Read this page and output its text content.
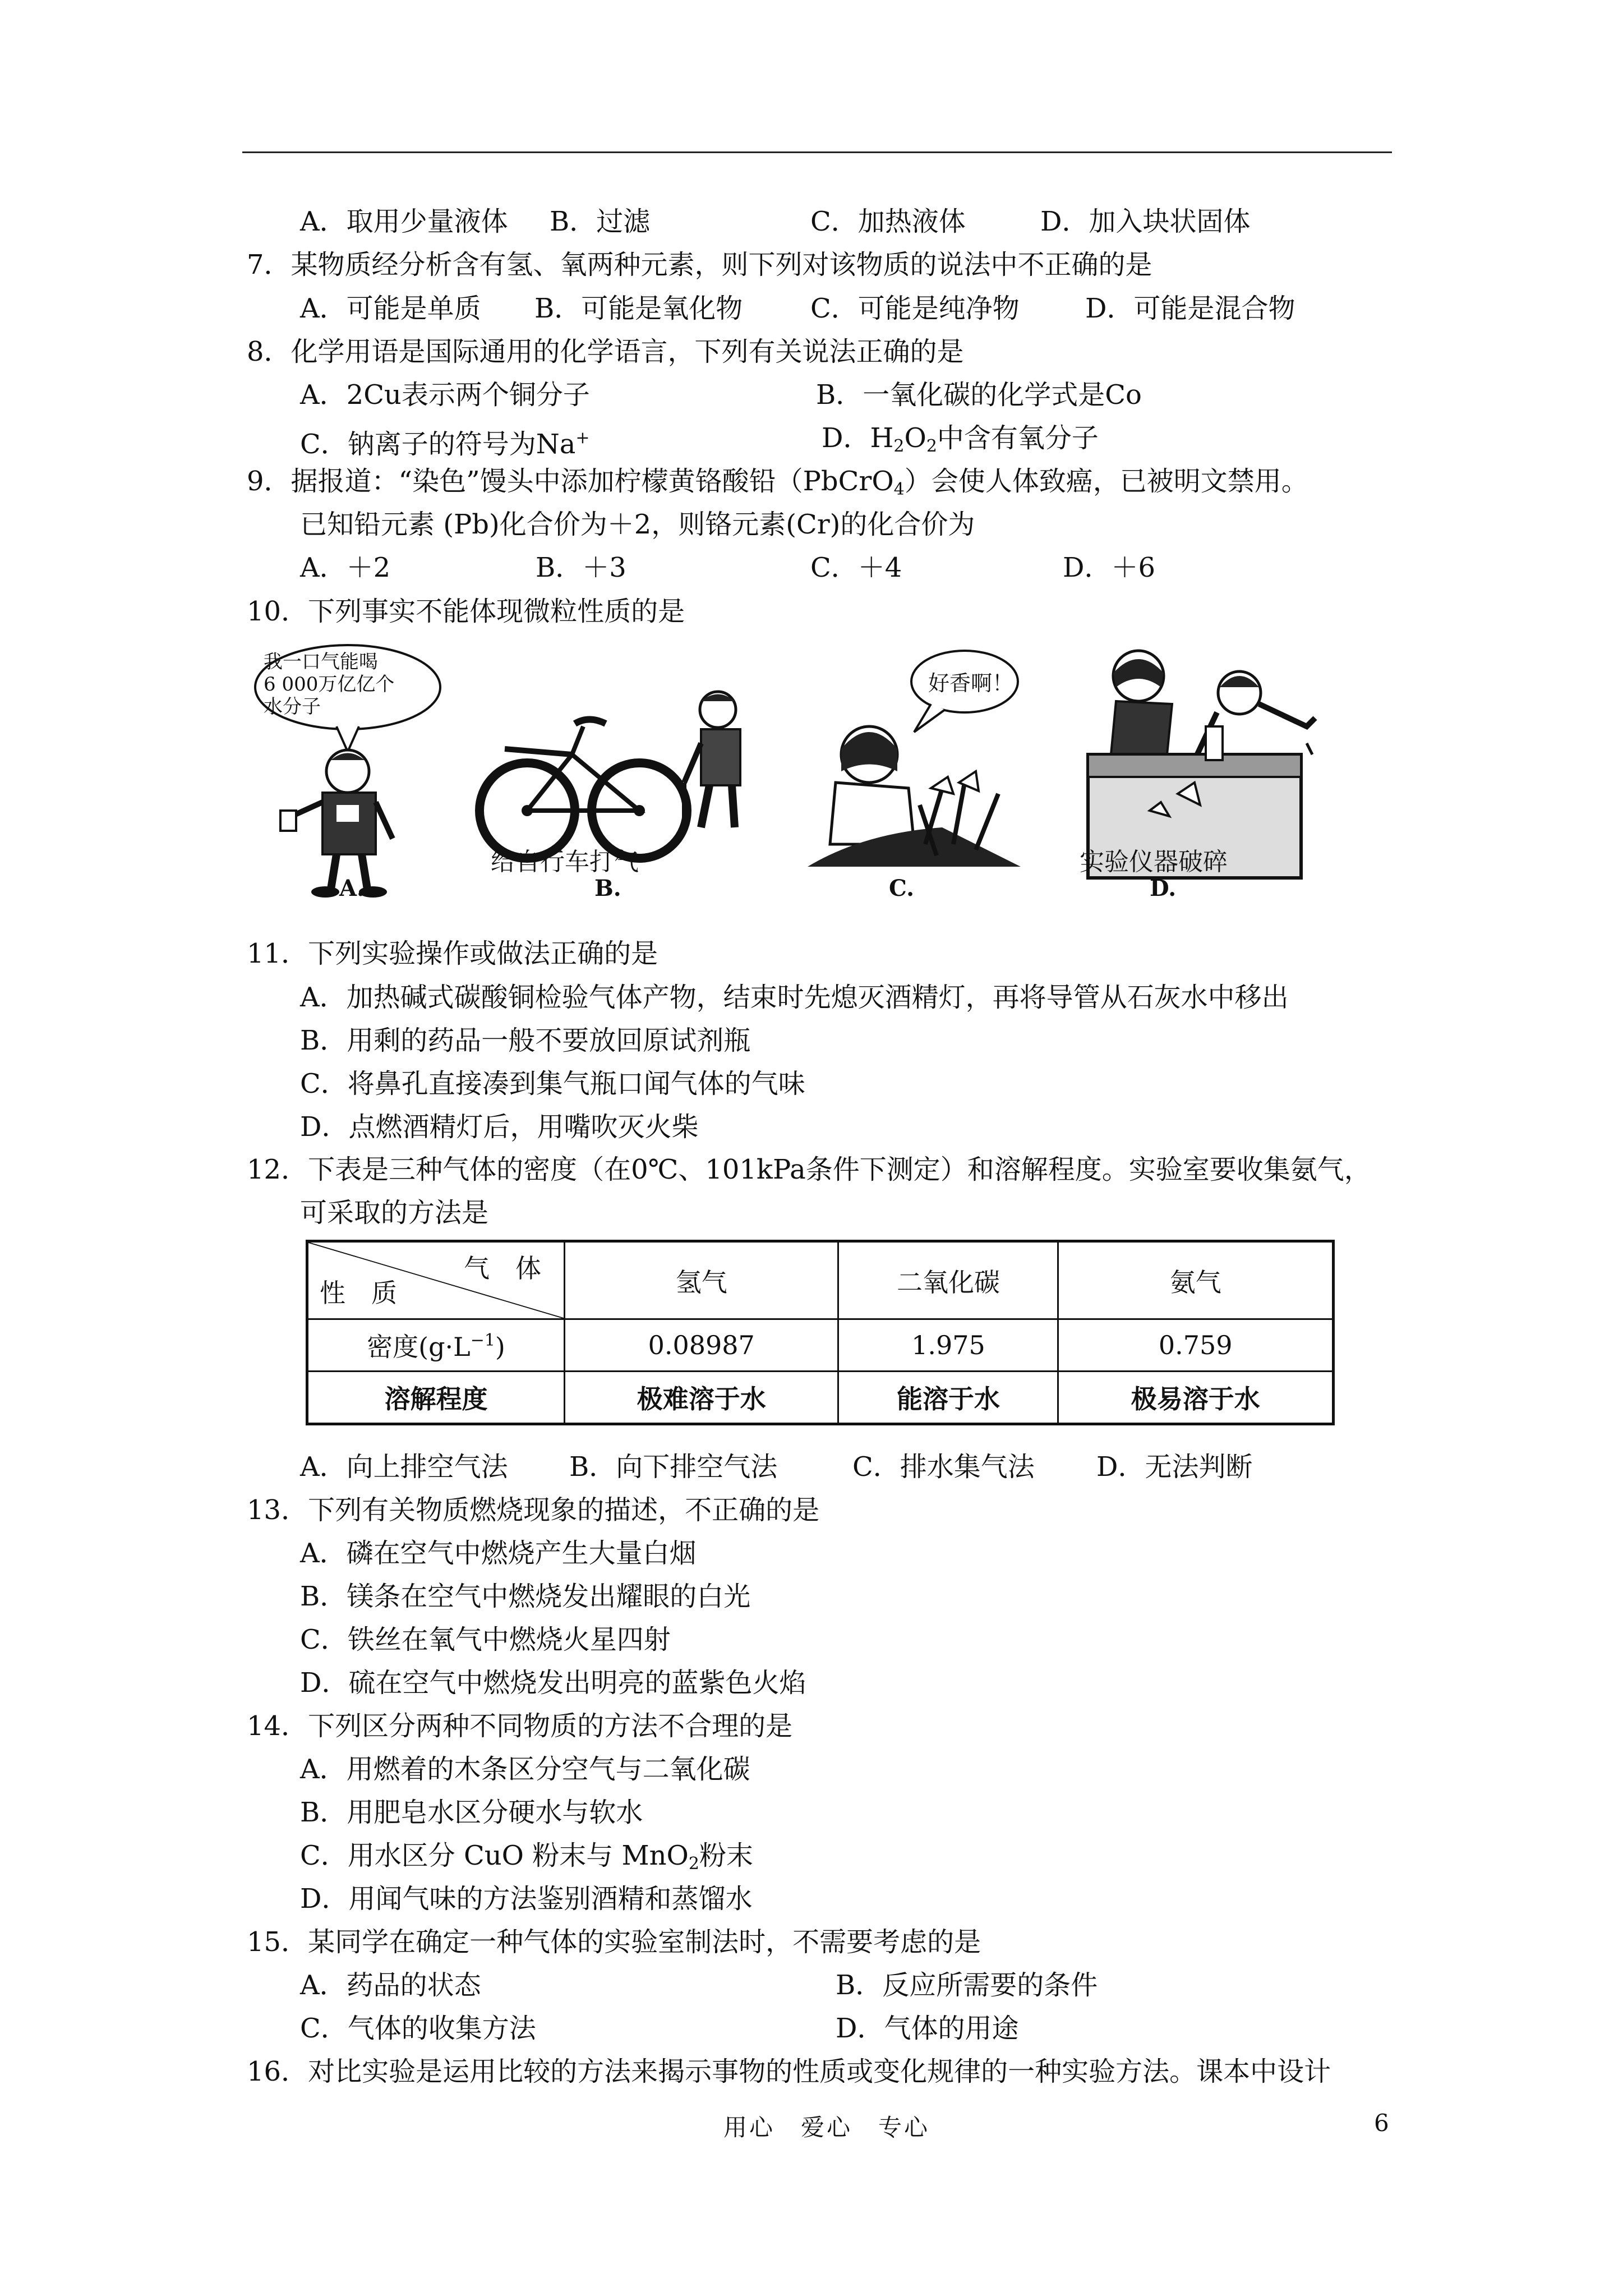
A．取用少量液体 B．过滤	C．加热液体	D．加入块状固体
7．某物质经分析含有氢、氧两种元素，则下列对该物质的说法中不正确的是
A．可能是单质 B．可能是氧化物	C．可能是纯净物 D．可能是混合物
8．化学用语是国际通用的化学语言，下列有关说法正确的是
A．2Cu表示两个铜分子	B．一氧化碳的化学式是Co
C．钠离子的符号为Na+	D．$H_2O_2$中含有氧分子
9．据报道：“染色”馒头中添加柠檬黄铬酸铅（PbCrO$_4$）会使人体致癌，已被明文禁用。
已知铅元素 (Pb)化合价为＋2，则铬元素(Cr)的化合价为
A．＋2	B．＋3	C．＋4	D．＋6
10．下列事实不能体现微粒性质的是
我一口气能喝
6 000万亿亿个
水分子
好香啊！
给自行车打气	实验仪器破碎
A.	B.	C.	D.
11．下列实验操作或做法正确的是
A．加热碱式碳酸铜检验气体产物，结束时先熄灭酒精灯，再将导管从石灰水中移出
B．用剩的药品一般不要放回原试剂瓶
C．将鼻孔直接凑到集气瓶口闻气体的气味
D．点燃酒精灯后，用嘴吹灭火柴
12．下表是三种气体的密度（在0℃、101kPa条件下测定）和溶解程度。实验室要收集氨气，
可采取的方法是
气　体
性　质	氢气	二氧化碳	氨气
密度$(g\cdot L^{-1})$	0.08987	1.975	0.759
溶解程度	极难溶于水	能溶于水	极易溶于水
A．向上排空气法 B．向下排空气法	C．排水集气法 D．无法判断
13．下列有关物质燃烧现象的描述，不正确的是
A．磷在空气中燃烧产生大量白烟
B．镁条在空气中燃烧发出耀眼的白光
C．铁丝在氧气中燃烧火星四射
D．硫在空气中燃烧发出明亮的蓝紫色火焰
14．下列区分两种不同物质的方法不合理的是
A．用燃着的木条区分空气与二氧化碳
B．用肥皂水区分硬水与软水
C．用水区分 CuO 粉末与 MnO$_2$粉末
D．用闻气味的方法鉴别酒精和蒸馏水
15．某同学在确定一种气体的实验室制法时，不需要考虑的是
A．药品的状态	B．反应所需要的条件
C．气体的收集方法	D．气体的用途
16．对比实验是运用比较的方法来揭示事物的性质或变化规律的一种实验方法。课本中设计
用心　爱心　专心	6
